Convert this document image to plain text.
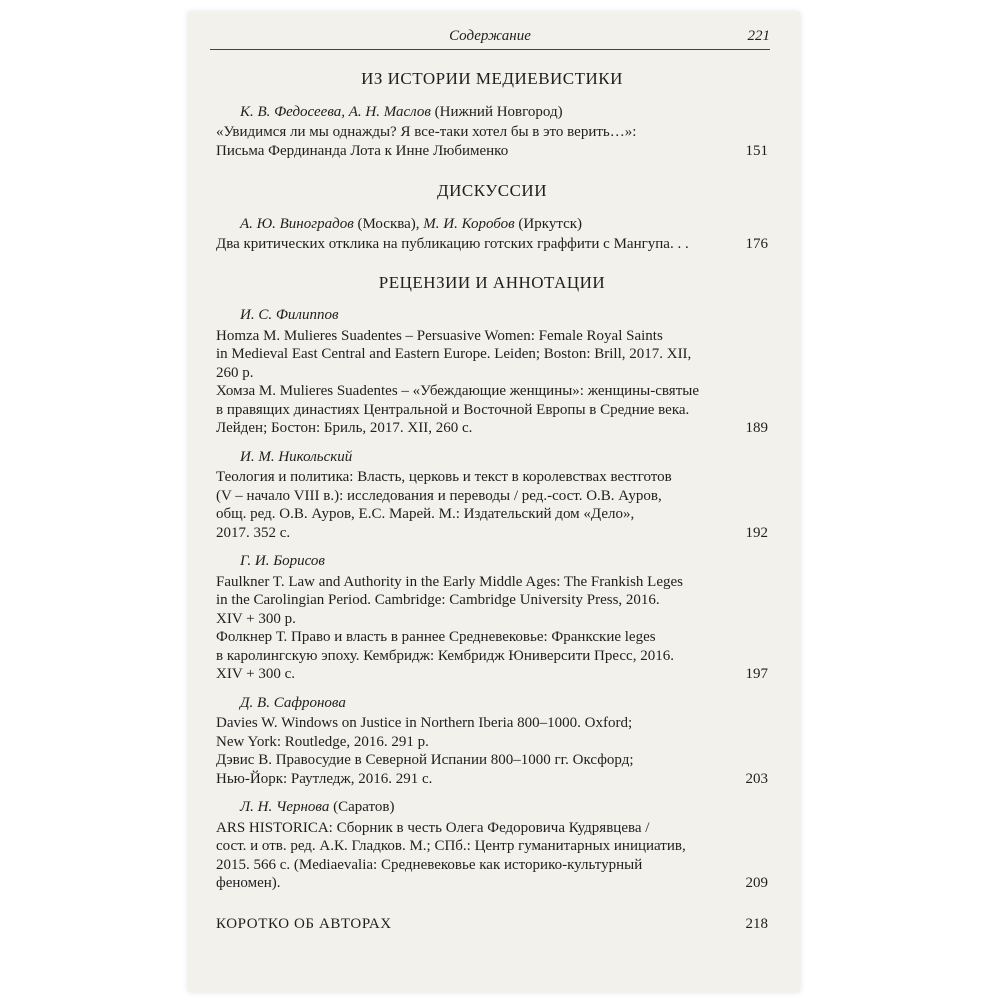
Содержание	221
ИЗ ИСТОРИИ МЕДИЕВИСТИКИ
К. В. Федосеева, А. Н. Маслов (Нижний Новгород)

«Увидимся ли мы однажды? Я все-таки хотел бы в это верить…»:

Письма Фердинанда Лота к Инне Любименко	151
ДИСКУССИИ
А. Ю. Виноградов (Москва), М. И. Коробов (Иркутск)

Два критических отклика на публикацию готских граффити с Мангупа. . .	176
РЕЦЕНЗИИ И АННОТАЦИИ
И. С. Филиппов

Homza M. Mulieres Suadentes – Persuasive Women: Female Royal Saints

in Medieval East Central and Eastern Europe. Leiden; Boston: Brill, 2017. XII,

260 p.

Хомза М. Mulieres Suadentes – «Убеждающие женщины»: женщины-святые

в правящих династиях Центральной и Восточной Европы в Средние века.

Лейден; Бостон: Бриль, 2017. XII, 260 с.	189
И. М. Никольский

Теология и политика: Власть, церковь и текст в королевствах вестготов

(V – начало VIII в.): исследования и переводы / ред.-сост. О.В. Ауров,

общ. ред. О.В. Ауров, Е.С. Марей. М.: Издательский дом «Дело»,

2017. 352 с.	192
Г. И. Борисов

Faulkner T. Law and Authority in the Early Middle Ages: The Frankish Leges

in the Carolingian Period. Cambridge: Cambridge University Press, 2016.

XIV + 300 p.

Фолкнер Т. Право и власть в раннее Средневековье: Франкские leges

в каролингскую эпоху. Кембридж: Кембридж Юниверсити Пресс, 2016.

XIV + 300 с.	197
Д. В. Сафронова

Davies W. Windows on Justice in Northern Iberia 800–1000. Oxford;

New York: Routledge, 2016. 291 p.

Дэвис В. Правосудие в Северной Испании 800–1000 гг. Оксфорд;

Нью-Йорк: Раутледж, 2016. 291 с.	203
Л. Н. Чернова (Саратов)

ARS HISTORICA: Сборник в честь Олега Федоровича Кудрявцева /

сост. и отв. ред. А.К. Гладков. М.; СПб.: Центр гуманитарных инициатив,

2015. 566 с. (Mediaevalia: Средневековье как историко-культурный

феномен).	209
КОРОТКО ОБ АВТОРАХ	218
